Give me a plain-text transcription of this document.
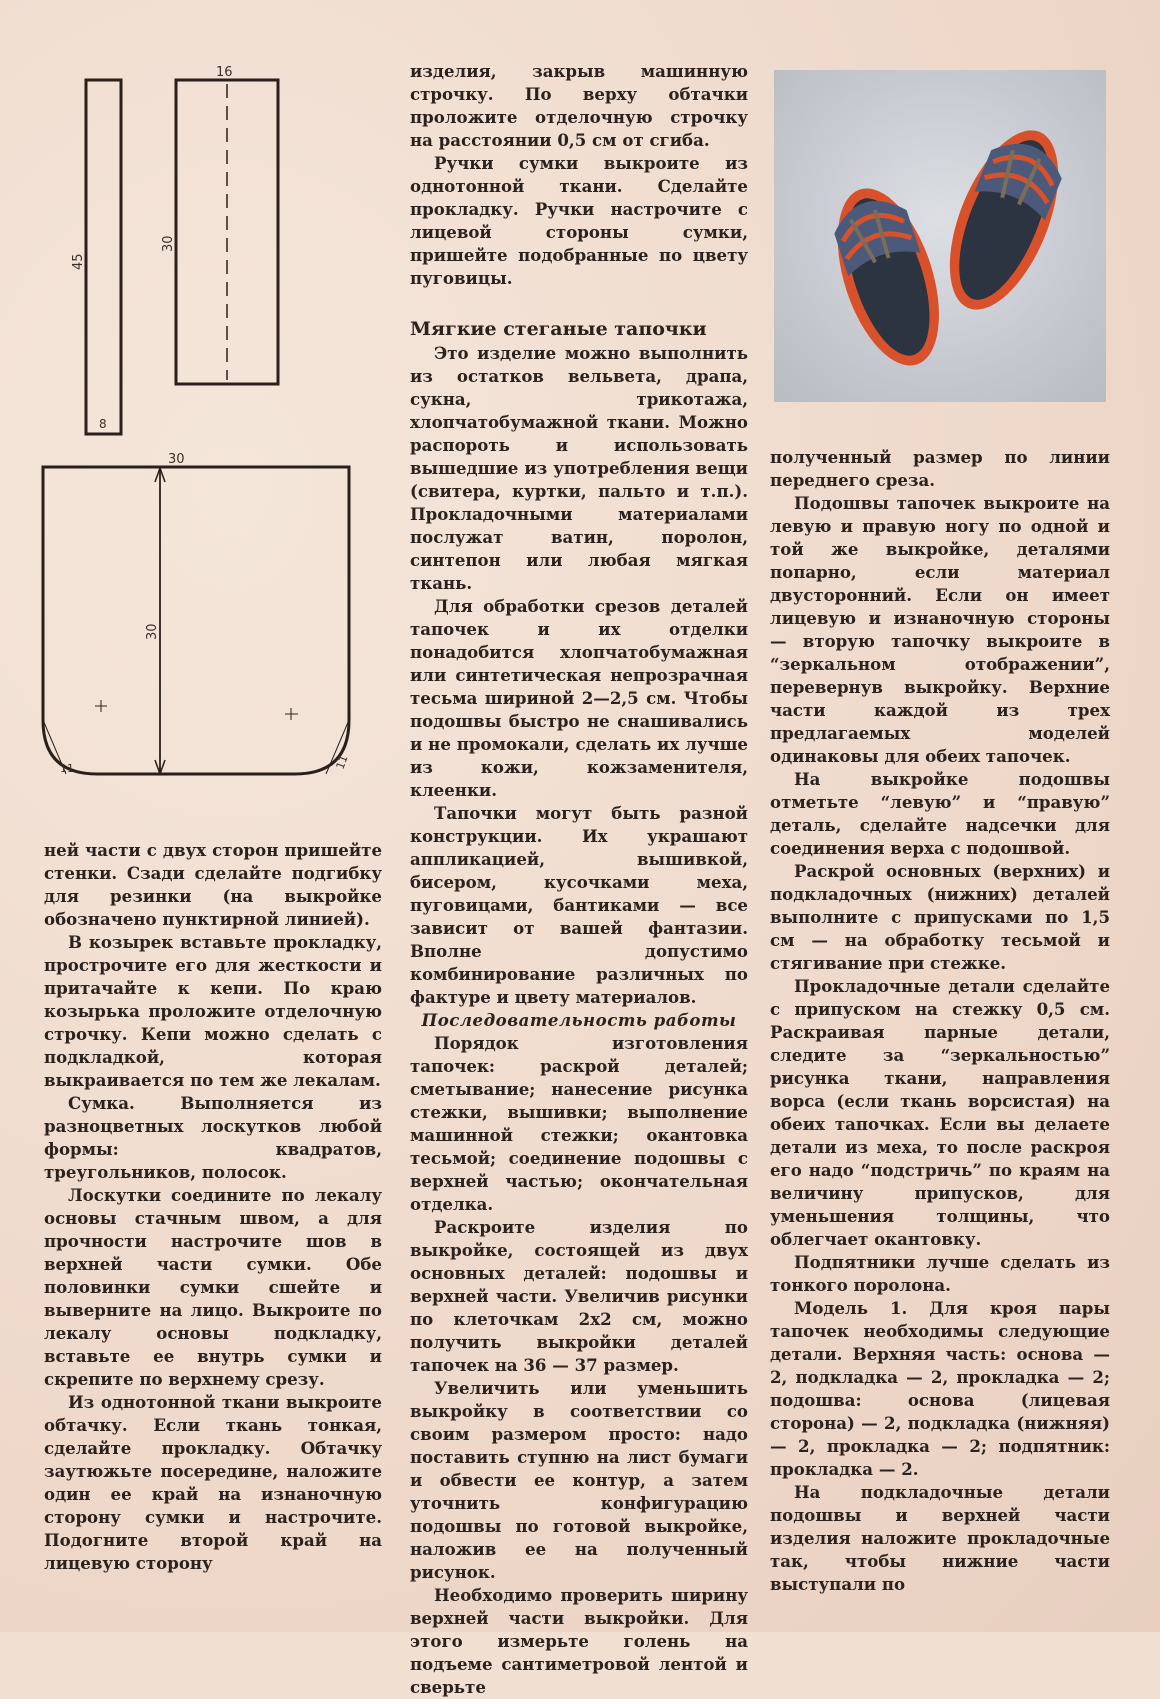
45
8
16
30
30
30
11	11

ней части с двух сторон пришейте стенки. Сзади сделайте подгибку для резинки (на выкройке обозначено пунктирной линией).

В козырек вставьте прокладку, прострочите его для жесткости и притачайте к кепи. По краю козырька проложите отделочную строчку. Кепи можно сделать с подкладкой, которая выкраивается по тем же лекалам.

Сумка. Выполняется из разноцветных лоскутков любой формы: квадратов, треугольников, полосок.

Лоскутки соедините по лекалу основы стачным швом, а для прочности настрочите шов в верхней части сумки. Обе половинки сумки сшейте и выверните на лицо. Выкроите по лекалу основы подкладку, вставьте ее внутрь сумки и скрепите по верхнему срезу.

Из однотонной ткани выкроите обтачку. Если ткань тонкая, сделайте прокладку. Обтачку заутюжьте посередине, наложите один ее край на изнаночную сторону сумки и настрочите. Подогните второй край на лицевую сторону

изделия, закрыв машинную строчку. По верху обтачки проложите отделочную строчку на расстоянии 0,5 см от сгиба.

Ручки сумки выкроите из однотонной ткани. Сделайте прокладку. Ручки настрочите с лицевой стороны сумки, пришейте подобранные по цвету пуговицы.

Мягкие стеганые тапочки

Это изделие можно выполнить из остатков вельвета, драпа, сукна, трикотажа, хлопчатобумажной ткани. Можно распороть и использовать вышедшие из употребления вещи (свитера, куртки, пальто и т.п.). Прокладочными материалами послужат ватин, поролон, синтепон или любая мягкая ткань.

Для обработки срезов деталей тапочек и их отделки понадобится хлопчатобумажная или синтетическая непрозрачная тесьма шириной 2—2,5 см. Чтобы подошвы быстро не снашивались и не промокали, сделать их лучше из кожи, кожзаменителя, клеенки.

Тапочки могут быть разной конструкции. Их украшают аппликацией, вышивкой, бисером, кусочками меха, пуговицами, бантиками — все зависит от вашей фантазии. Вполне допустимо комбинирование различных по фактуре и цвету материалов.

Последовательность работы

Порядок изготовления тапочек: раскрой деталей; сметывание; нанесение рисунка стежки, вышивки; выполнение машинной стежки; окантовка тесьмой; соединение подошвы с верхней частью; окончательная отделка.

Раскроите изделия по выкройке, состоящей из двух основных деталей: подошвы и верхней части. Увеличив рисунки по клеточкам 2х2 см, можно получить выкройки деталей тапочек на 36 — 37 размер.

Увеличить или уменьшить выкройку в соответствии со своим размером просто: надо поставить ступню на лист бумаги и обвести ее контур, а затем уточнить конфигурацию подошвы по готовой выкройке, наложив ее на полученный рисунок.

Необходимо проверить ширину верхней части выкройки. Для этого измерьте голень на подъеме сантиметровой лентой и сверьте

полученный размер по линии переднего среза.

Подошвы тапочек выкроите на левую и правую ногу по одной и той же выкройке, деталями попарно, если материал двусторонний. Если он имеет лицевую и изнаночную стороны — вторую тапочку выкроите в “зеркальном отображении”, перевернув выкройку. Верхние части каждой из трех предлагаемых моделей одинаковы для обеих тапочек.

На выкройке подошвы отметьте “левую” и “правую” деталь, сделайте надсечки для соединения верха с подошвой.

Раскрой основных (верхних) и подкладочных (нижних) деталей выполните с припусками по 1,5 см — на обработку тесьмой и стягивание при стежке.

Прокладочные детали сделайте с припуском на стежку 0,5 см. Раскраивая парные детали, следите за “зеркальностью” рисунка ткани, направления ворса (если ткань ворсистая) на обеих тапочках. Если вы делаете детали из меха, то после раскроя его надо “подстричь” по краям на величину припусков, для уменьшения толщины, что облегчает окантовку.

Подпятники лучше сделать из тонкого поролона.

Модель 1. Для кроя пары тапочек необходимы следующие детали. Верхняя часть: основа — 2, подкладка — 2, прокладка — 2; подошва: основа (лицевая сторона) — 2, подкладка (нижняя) — 2, прокладка — 2; подпятник: прокладка — 2.

На подкладочные детали подошвы и верхней части изделия наложите прокладочные так, чтобы нижние части выступали по
